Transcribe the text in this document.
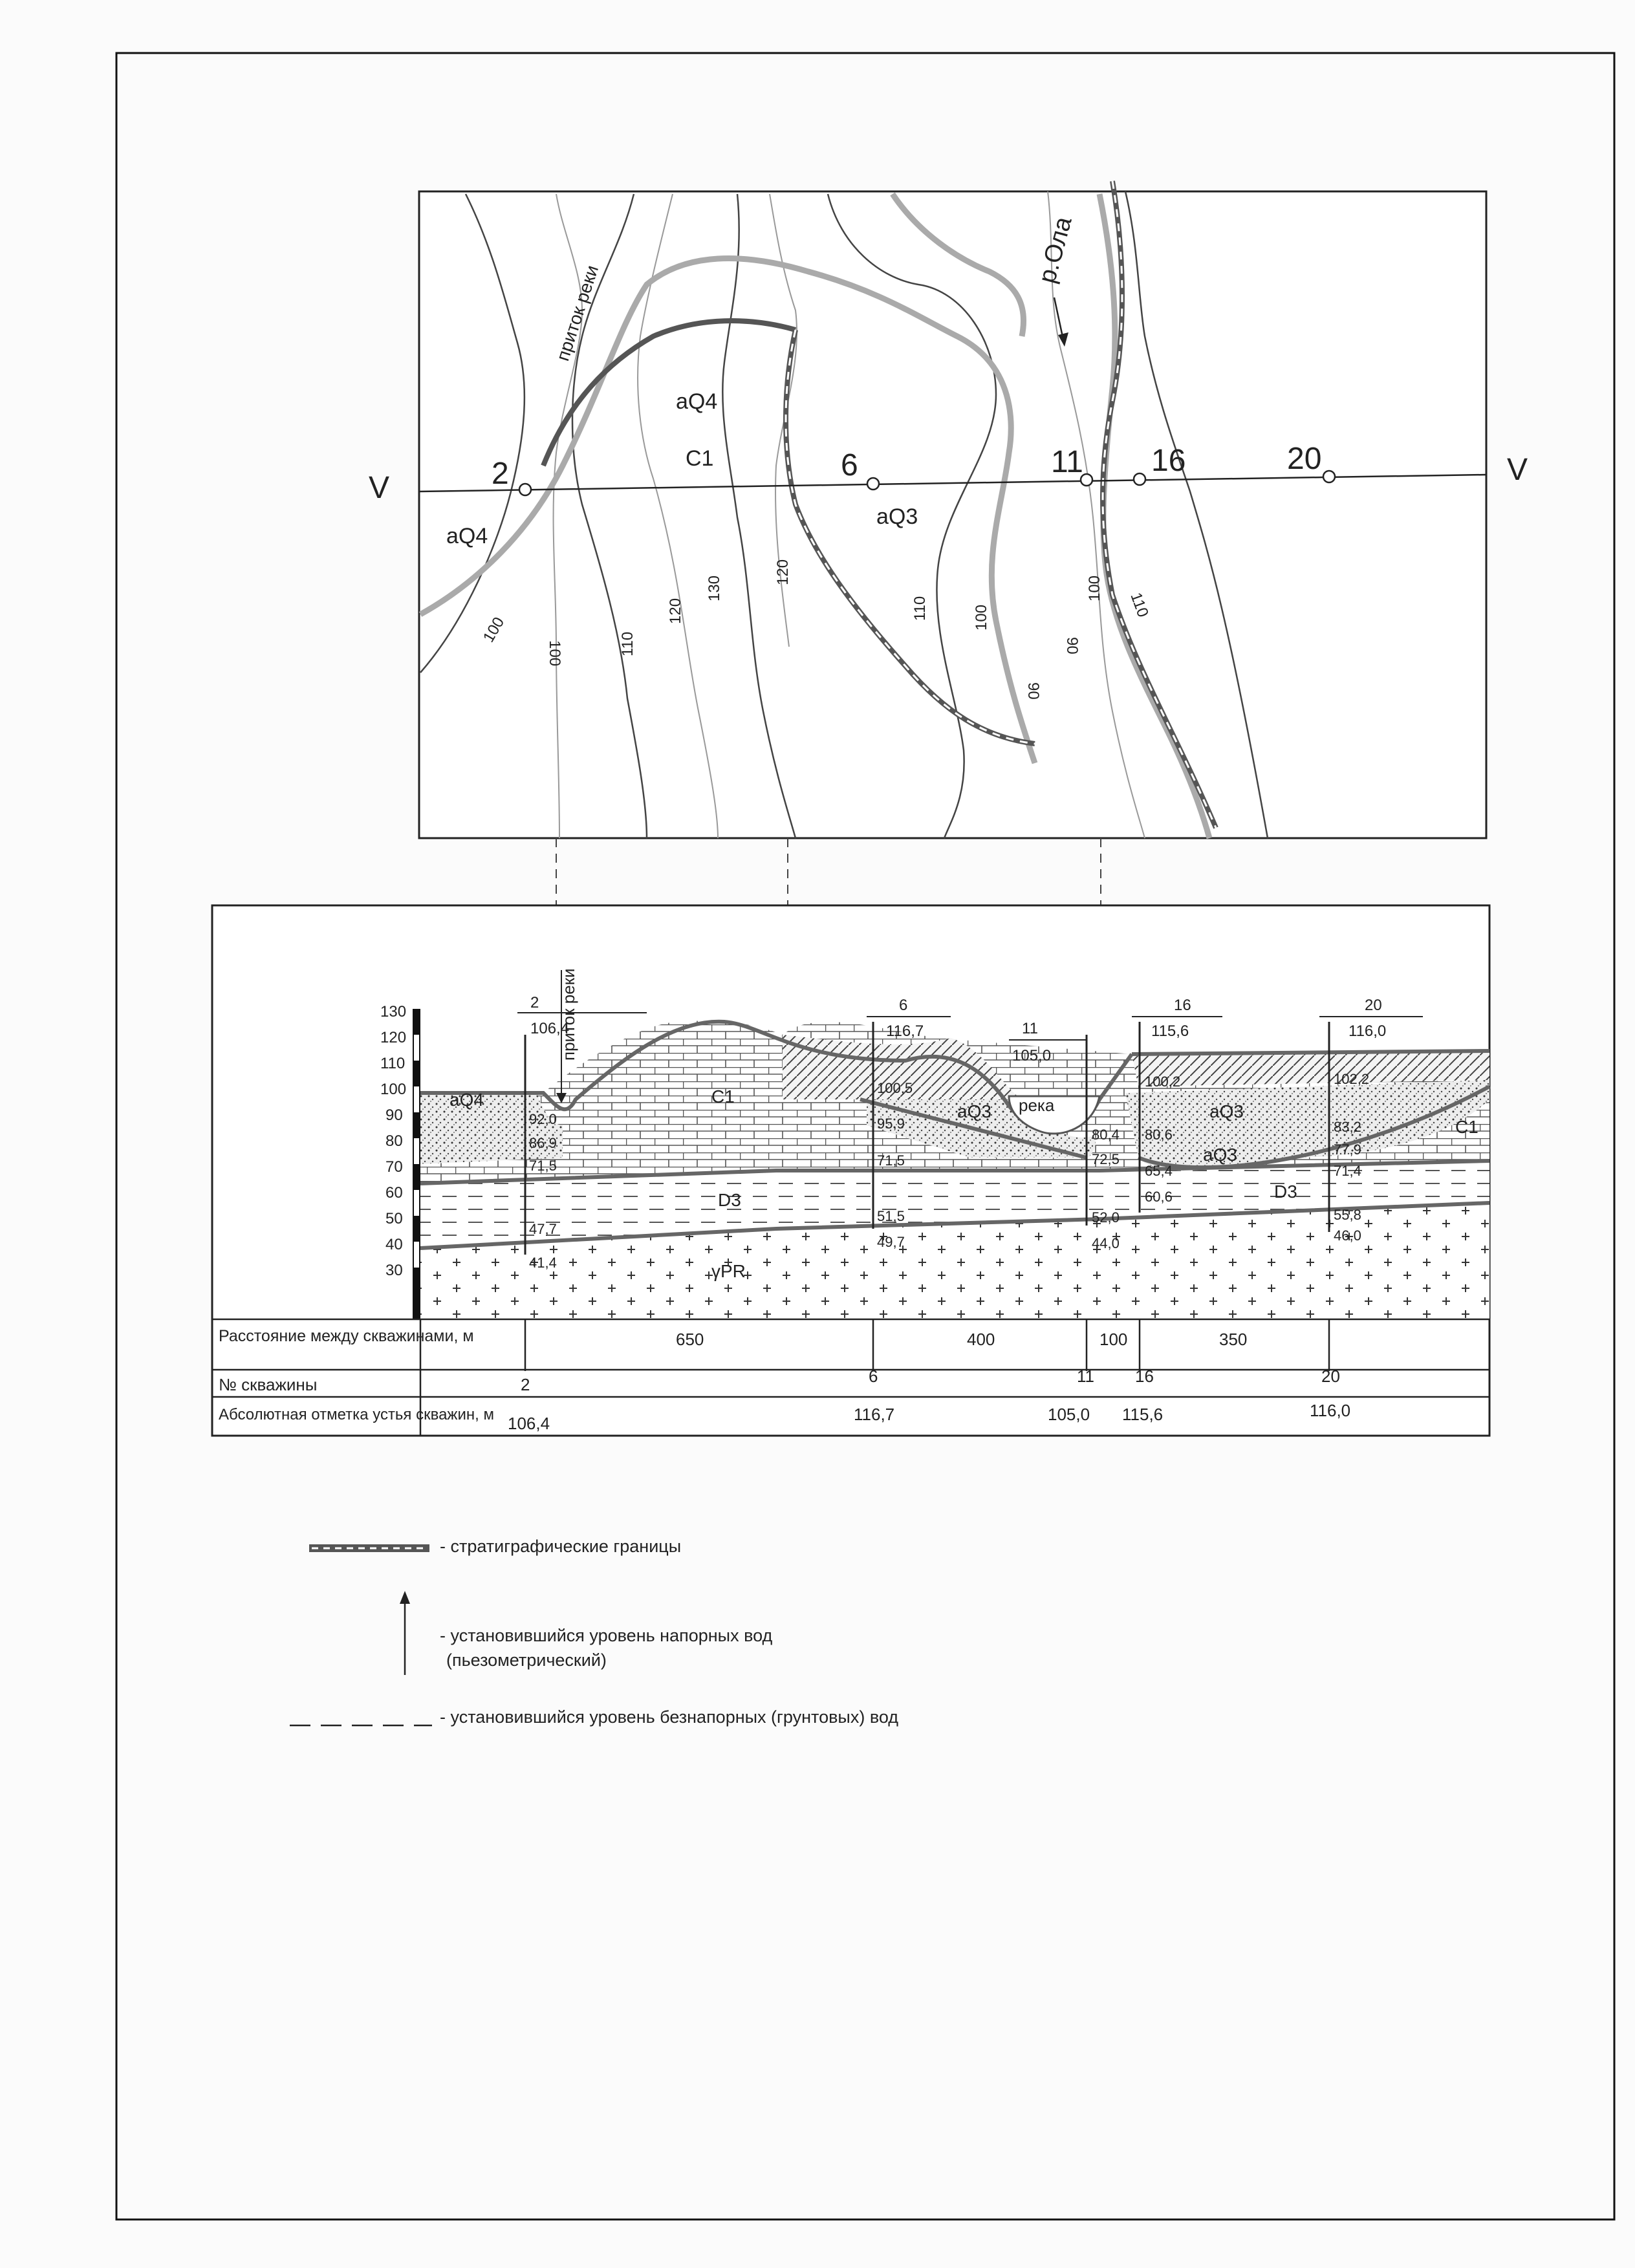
V
V
2	6	11 16	20
р.Ола
приток реки
aQ4
C1
aQ4
aQ3
100
100	110
120
130
120
110	100
90
90
100
110
река
130
120
110
100
90
80
70
60
50
40
30
приток реки
2
106,4
6
116,7	11
105,0
16
115,6
20
116,0
92,0
86,9
71,5
47,7
41,4
100,5
95,9
71,5
51,5
49,7
80,4
72,5
52,0
44,0
100,2
80,6
65,4
60,6
102,2
83,2
77,9
71,4
55,8
46,0
aQ4	C1
D3
γPR
aQ3	aQ3
C1
aQ3
D3
Расстояние между скважинами, м
№ скважины
Абсолютная отметка устья скважин, м
650	400	100	350
2	6	11 16	20
106,4	116,7	105,0 115,6	116,0
- стратиграфические границы
- установившийся уровень напорных вод
(пьезометрический)
- установившийся уровень безнапорных (грунтовых) вод
